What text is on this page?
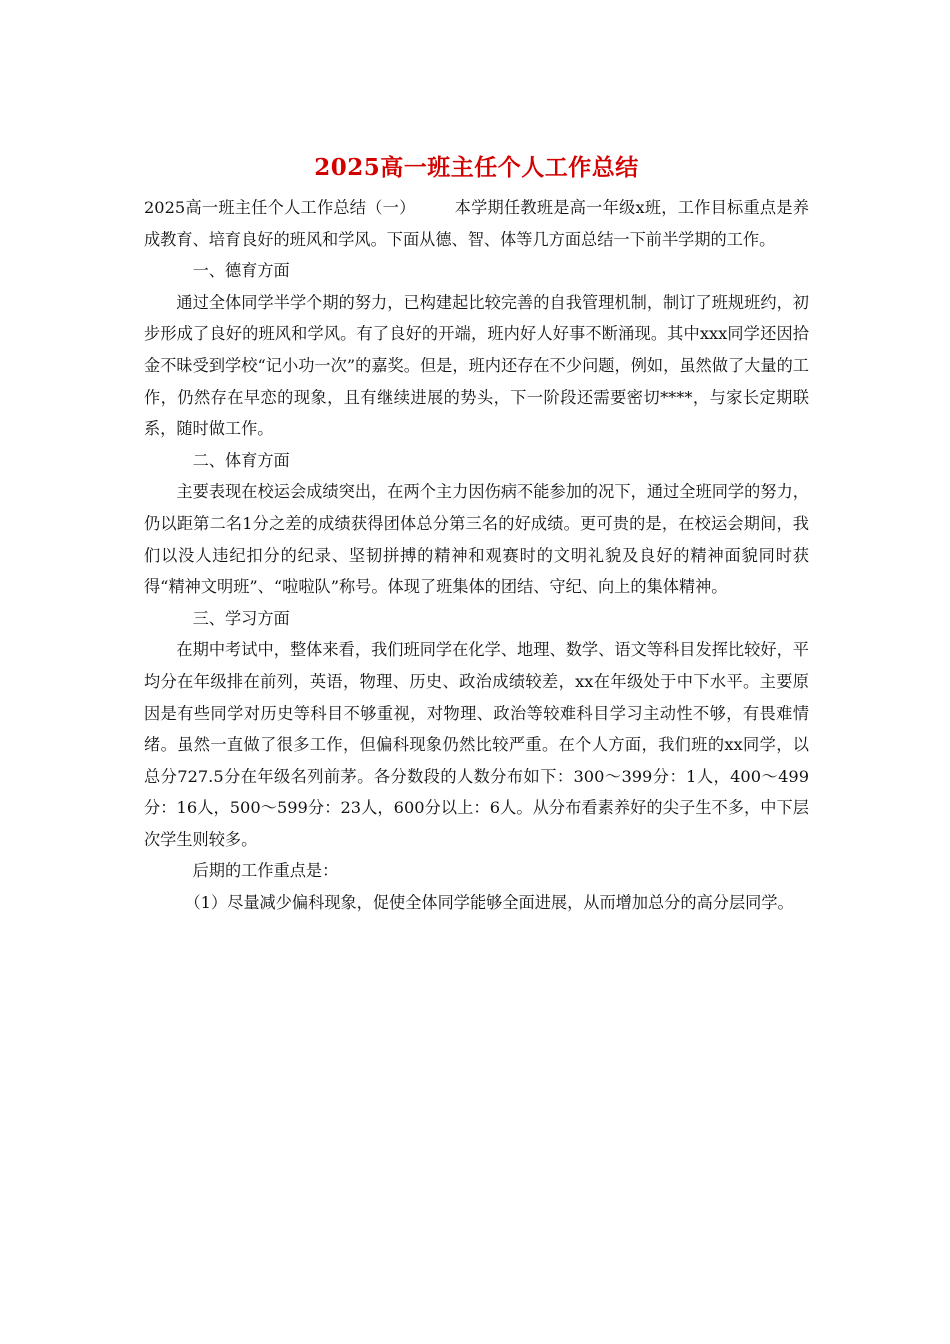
2025高一班主任个人工作总结

2025高一班主任个人工作总结（一） 本学期任教班是高一年级x班，工作目标重点是养成教育、培育良好的班风和学风。下面从德、智、体等几方面总结一下前半学期的工作。

一、德育方面

通过全体同学半学个期的努力，已构建起比较完善的自我管理机制，制订了班规班约，初步形成了良好的班风和学风。有了良好的开端，班内好人好事不断涌现。其中xxx同学还因拾金不昧受到学校“记小功一次”的嘉奖。但是，班内还存在不少问题，例如，虽然做了大量的工作，仍然存在早恋的现象，且有继续进展的势头，下一阶段还需要密切****，与家长定期联系，随时做工作。

二、体育方面

主要表现在校运会成绩突出，在两个主力因伤病不能参加的况下，通过全班同学的努力，仍以距第二名1分之差的成绩获得团体总分第三名的好成绩。更可贵的是，在校运会期间，我们以没人违纪扣分的纪录、坚韧拼搏的精神和观赛时的文明礼貌及良好的精神面貌同时获得“精神文明班”、“啦啦队”称号。体现了班集体的团结、守纪、向上的集体精神。

三、学习方面

在期中考试中，整体来看，我们班同学在化学、地理、数学、语文等科目发挥比较好，平均分在年级排在前列，英语，物理、历史、政治成绩较差，xx在年级处于中下水平。主要原因是有些同学对历史等科目不够重视，对物理、政治等较难科目学习主动性不够，有畏难情绪。虽然一直做了很多工作，但偏科现象仍然比较严重。在个人方面，我们班的xx同学，以总分727.5分在年级名列前茅。各分数段的人数分布如下：300～399分：1人，400～499分：16人，500～599分：23人，600分以上：6人。从分布看素养好的尖子生不多，中下层次学生则较多。

后期的工作重点是：

（1）尽量减少偏科现象，促使全体同学能够全面进展，从而增加总分的高分层同学。
